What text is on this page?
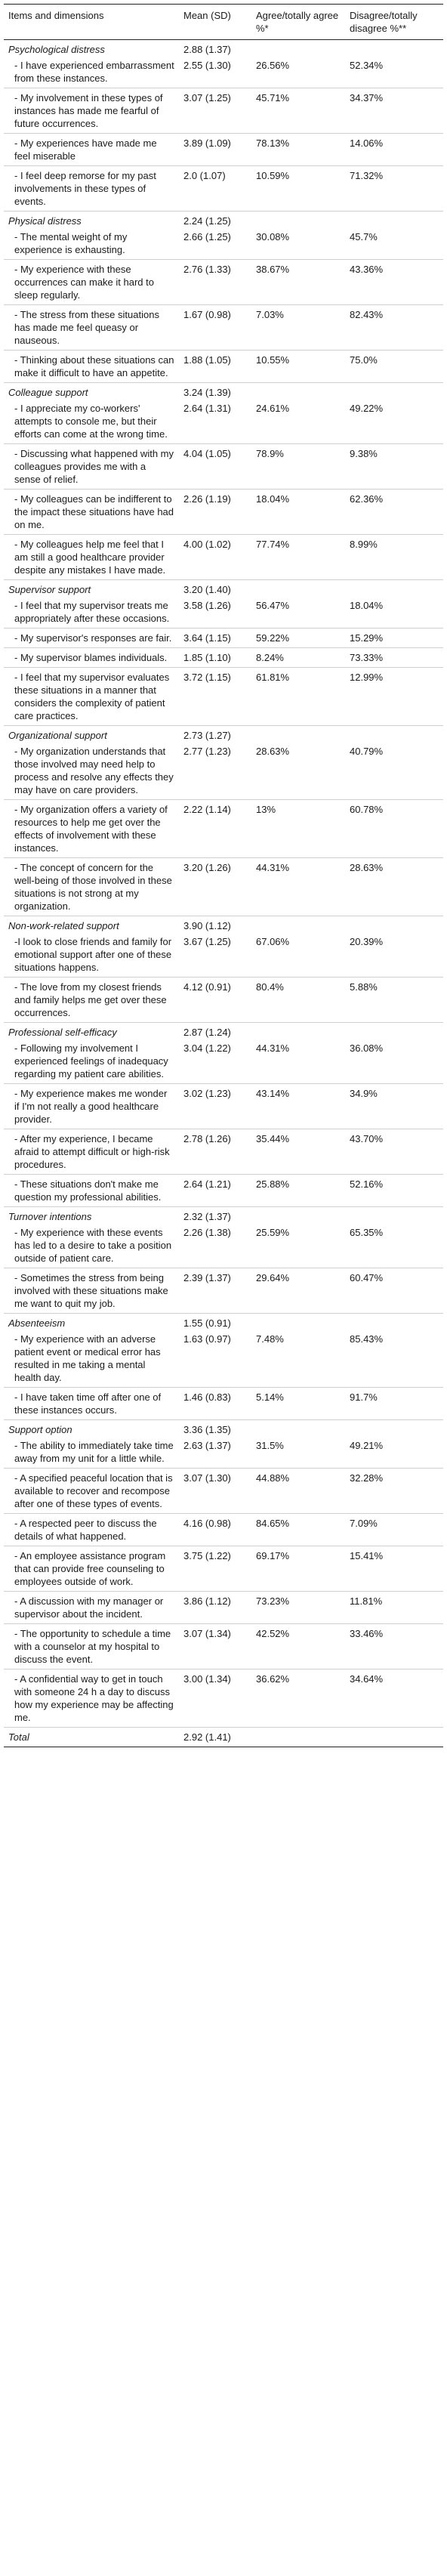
Items and dimensions	Mean (SD)	Agree/totally agree %*	Disagree/totally disagree %**
Psychological distress	2.88 (1.37)		

- I have experienced embarrassment from these instances.	2.55 (1.30)	26.56%	52.34%

- My involvement in these types of instances has made me fearful of future occurrences.	3.07 (1.25)	45.71%	34.37%

- My experiences have made me feel miserable	3.89 (1.09)	78.13%	14.06%

- I feel deep remorse for my past involvements in these types of events.	2.0 (1.07)	10.59%	71.32%
Physical distress	2.24 (1.25)		

- The mental weight of my experience is exhausting.	2.66 (1.25)	30.08%	45.7%

- My experience with these occurrences can make it hard to sleep regularly.	2.76 (1.33)	38.67%	43.36%

- The stress from these situations has made me feel queasy or nauseous.	1.67 (0.98)	7.03%	82.43%

- Thinking about these situations can make it difficult to have an appetite.	1.88 (1.05)	10.55%	75.0%
Colleague support	3.24 (1.39)		

- I appreciate my co-workers' attempts to console me, but their efforts can come at the wrong time.	2.64 (1.31)	24.61%	49.22%

- Discussing what happened with my colleagues provides me with a sense of relief.	4.04 (1.05)	78.9%	9.38%

- My colleagues can be indifferent to the impact these situations have had on me.	2.26 (1.19)	18.04%	62.36%

- My colleagues help me feel that I am still a good healthcare provider despite any mistakes I have made.	4.00 (1.02)	77.74%	8.99%
Supervisor support	3.20 (1.40)		

- I feel that my supervisor treats me appropriately after these occasions.	3.58 (1.26)	56.47%	18.04%

- My supervisor's responses are fair.	3.64 (1.15)	59.22%	15.29%

- My supervisor blames individuals.	1.85 (1.10)	8.24%	73.33%

- I feel that my supervisor evaluates these situations in a manner that considers the complexity of patient care practices.	3.72 (1.15)	61.81%	12.99%
Organizational support	2.73 (1.27)		

- My organization understands that those involved may need help to process and resolve any effects they may have on care providers.	2.77 (1.23)	28.63%	40.79%

- My organization offers a variety of resources to help me get over the effects of involvement with these instances.	2.22 (1.14)	13%	60.78%

- The concept of concern for the well-being of those involved in these situations is not strong at my organization.	3.20 (1.26)	44.31%	28.63%
Non-work-related support	3.90 (1.12)		

-I look to close friends and family for emotional support after one of these situations happens.	3.67 (1.25)	67.06%	20.39%

- The love from my closest friends and family helps me get over these occurrences.	4.12 (0.91)	80.4%	5.88%
Professional self-efficacy	2.87 (1.24)		

- Following my involvement I experienced feelings of inadequacy regarding my patient care abilities.	3.04 (1.22)	44.31%	36.08%

- My experience makes me wonder if I'm not really a good healthcare provider.	3.02 (1.23)	43.14%	34.9%

- After my experience, I became afraid to attempt difficult or high-risk procedures.	2.78 (1.26)	35.44%	43.70%

- These situations don't make me question my professional abilities.	2.64 (1.21)	25.88%	52.16%
Turnover intentions	2.32 (1.37)		

- My experience with these events has led to a desire to take a position outside of patient care.	2.26 (1.38)	25.59%	65.35%

- Sometimes the stress from being involved with these situations make me want to quit my job.	2.39 (1.37)	29.64%	60.47%
Absenteeism	1.55 (0.91)		

- My experience with an adverse patient event or medical error has resulted in me taking a mental health day.	1.63 (0.97)	7.48%	85.43%

- I have taken time off after one of these instances occurs.	1.46 (0.83)	5.14%	91.7%
Support option	3.36 (1.35)		

- The ability to immediately take time away from my unit for a little while.	2.63 (1.37)	31.5%	49.21%

- A specified peaceful location that is available to recover and recompose after one of these types of events.	3.07 (1.30)	44.88%	32.28%

- A respected peer to discuss the details of what happened.	4.16 (0.98)	84.65%	7.09%

- An employee assistance program that can provide free counseling to employees outside of work.	3.75 (1.22)	69.17%	15.41%

- A discussion with my manager or supervisor about the incident.	3.86 (1.12)	73.23%	11.81%

- The opportunity to schedule a time with a counselor at my hospital to discuss the event.	3.07 (1.34)	42.52%	33.46%

- A confidential way to get in touch with someone 24 h a day to discuss how my experience may be affecting me.	3.00 (1.34)	36.62%	34.64%
Total	2.92 (1.41)		
